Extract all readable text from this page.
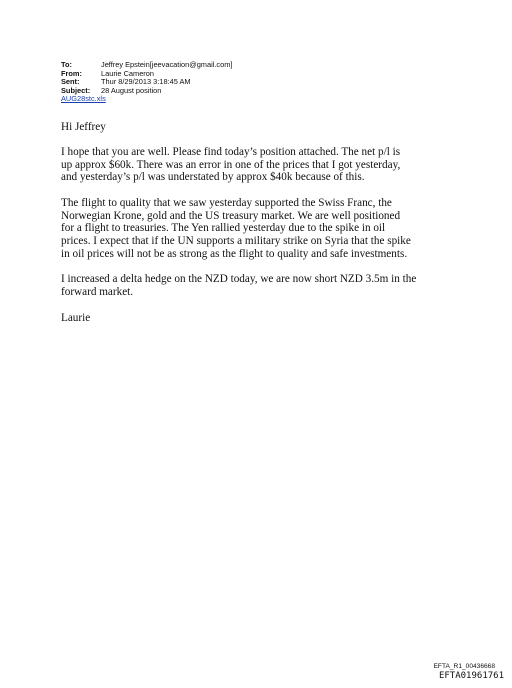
To:	Jeffrey Epstein[jeevacation@gmail.com]
From:	Laurie Cameron
Sent:	Thur 8/29/2013 3:18:45 AM
Subject:	28 August position
AUG28stc.xls

Hi Jeffrey

I hope that you are well. Please find today’s position attached. The net p/l is
up approx $60k. There was an error in one of the prices that I got yesterday,
and yesterday’s p/l was understated by approx $40k because of this.

The flight to quality that we saw yesterday supported the Swiss Franc, the
Norwegian Krone, gold and the US treasury market. We are well positioned
for a flight to treasuries. The Yen rallied yesterday due to the spike in oil
prices. I expect that if the UN supports a military strike on Syria that the spike
in oil prices will not be as strong as the flight to quality and safe investments.

I increased a delta hedge on the NZD today, we are now short NZD 3.5m in the
forward market.

Laurie

EFTA_R1_00436668
EFTA01961761
